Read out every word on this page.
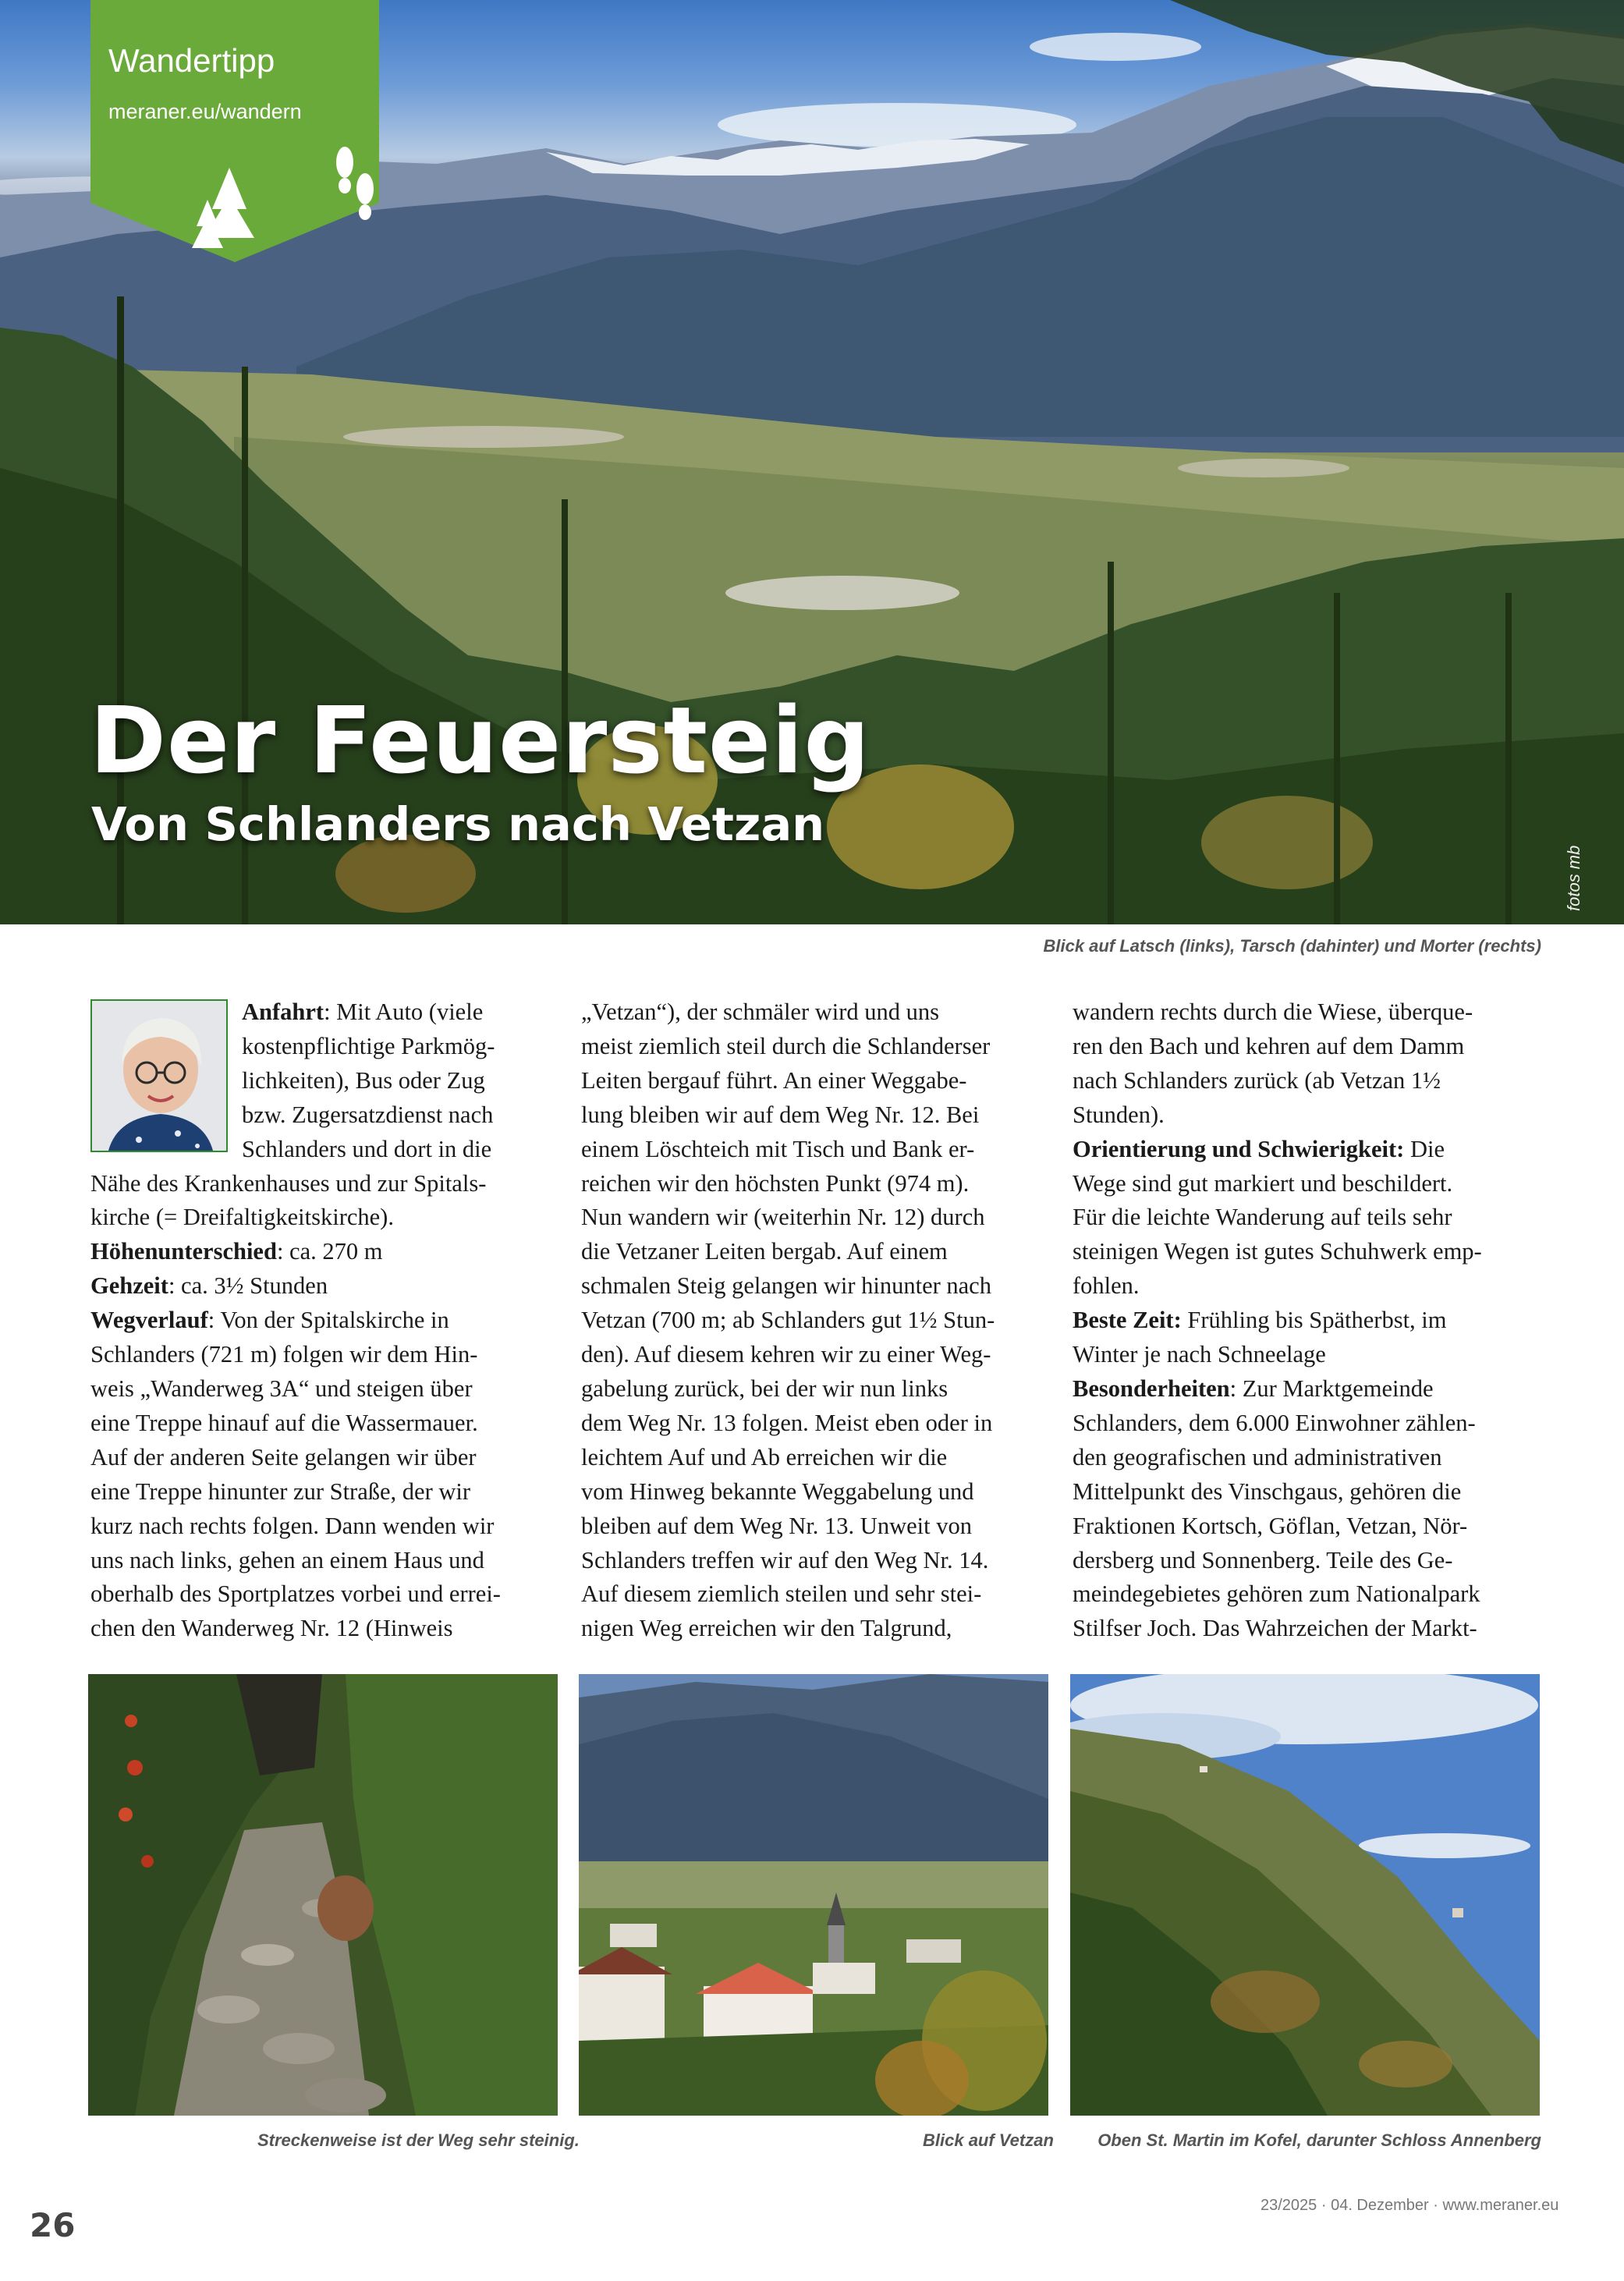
Wandertipp
meraner.eu/wandern
Der Feuersteig
Von Schlanders nach Vetzan
fotos mb
Blick auf Latsch (links), Tarsch (dahinter) und Morter (rechts)

Anfahrt: Mit Auto (viele
kostenpflichtige Parkmög-
lichkeiten), Bus oder Zug
bzw. Zugersatzdienst nach
Schlanders und dort in die
Nähe des Krankenhauses und zur Spitals-
kirche (= Dreifaltigkeitskirche).
Höhenunterschied: ca. 270 m
Gehzeit: ca. 3½ Stunden
Wegverlauf: Von der Spitalskirche in
Schlanders (721 m) folgen wir dem Hin-
weis „Wanderweg 3A“ und steigen über
eine Treppe hinauf auf die Wassermauer.
Auf der anderen Seite gelangen wir über
eine Treppe hinunter zur Straße, der wir
kurz nach rechts folgen. Dann wenden wir
uns nach links, gehen an einem Haus und
oberhalb des Sportplatzes vorbei und errei-
chen den Wanderweg Nr. 12 (Hinweis

„Vetzan“), der schmäler wird und uns
meist ziemlich steil durch die Schlanderser
Leiten bergauf führt. An einer Weggabe-
lung bleiben wir auf dem Weg Nr. 12. Bei
einem Löschteich mit Tisch und Bank er-
reichen wir den höchsten Punkt (974 m).
Nun wandern wir (weiterhin Nr. 12) durch
die Vetzaner Leiten bergab. Auf einem
schmalen Steig gelangen wir hinunter nach
Vetzan (700 m; ab Schlanders gut 1½ Stun-
den). Auf diesem kehren wir zu einer Weg-
gabelung zurück, bei der wir nun links
dem Weg Nr. 13 folgen. Meist eben oder in
leichtem Auf und Ab erreichen wir die
vom Hinweg bekannte Weggabelung und
bleiben auf dem Weg Nr. 13. Unweit von
Schlanders treffen wir auf den Weg Nr. 14.
Auf diesem ziemlich steilen und sehr stei-
nigen Weg erreichen wir den Talgrund,

wandern rechts durch die Wiese, überque-
ren den Bach und kehren auf dem Damm
nach Schlanders zurück (ab Vetzan 1½
Stunden).
Orientierung und Schwierigkeit: Die
Wege sind gut markiert und beschildert.
Für die leichte Wanderung auf teils sehr
steinigen Wegen ist gutes Schuhwerk emp-
fohlen.
Beste Zeit: Frühling bis Spätherbst, im
Winter je nach Schneelage
Besonderheiten: Zur Marktgemeinde
Schlanders, dem 6.000 Einwohner zählen-
den geografischen und administrativen
Mittelpunkt des Vinschgaus, gehören die
Fraktionen Kortsch, Göflan, Vetzan, Nör-
dersberg und Sonnenberg. Teile des Ge-
meindegebietes gehören zum Nationalpark
Stilfser Joch. Das Wahrzeichen der Markt-

Streckenweise ist der Weg sehr steinig.	Blick auf Vetzan	Oben St. Martin im Kofel, darunter Schloss Annenberg
26
23/2025 · 04. Dezember · www.meraner.eu
